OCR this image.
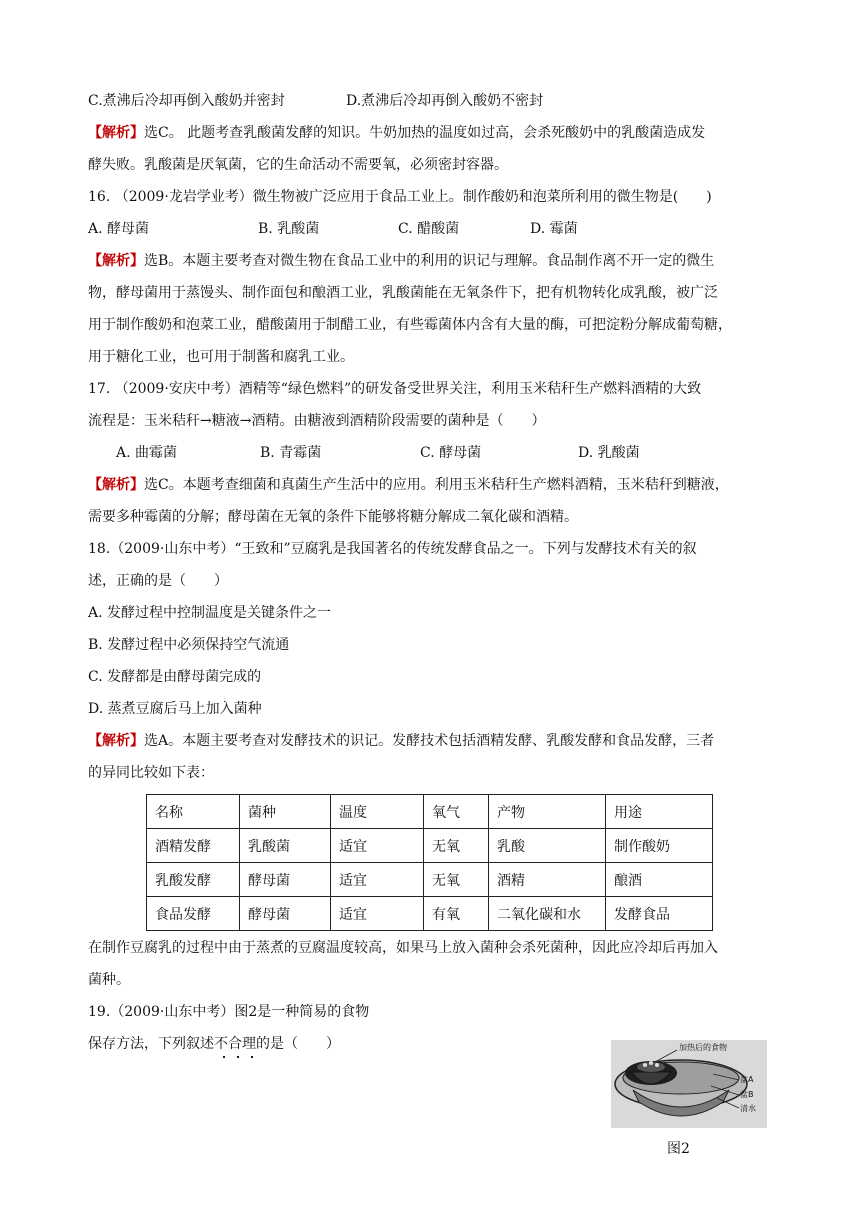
C.煮沸后冷却再倒入酸奶并密封	D.煮沸后冷却再倒入酸奶不密封
【解析】选C。 此题考查乳酸菌发酵的知识。牛奶加热的温度如过高，会杀死酸奶中的乳酸菌造成发
酵失败。乳酸菌是厌氧菌，它的生命活动不需要氧，必须密封容器。
16. （2009·龙岩学业考）微生物被广泛应用于食品工业上。制作酸奶和泡菜所利用的微生物是(　　)
A. 酵母菌	B. 乳酸菌	C. 醋酸菌	D. 霉菌
【解析】选B。本题主要考查对微生物在食品工业中的利用的识记与理解。食品制作离不开一定的微生
物，酵母菌用于蒸馒头、制作面包和酿酒工业，乳酸菌能在无氧条件下，把有机物转化成乳酸，被广泛
用于制作酸奶和泡菜工业，醋酸菌用于制醋工业，有些霉菌体内含有大量的酶，可把淀粉分解成葡萄糖，
用于糖化工业，也可用于制酱和腐乳工业。
17. （2009·安庆中考）酒精等“绿色燃料”的研发备受世界关注，利用玉米秸秆生产燃料酒精的大致
流程是：玉米秸秆→糖液→酒精。由糖液到酒精阶段需要的菌种是（　　）
A. 曲霉菌	B. 青霉菌	C. 酵母菌	D. 乳酸菌
【解析】选C。本题考查细菌和真菌生产生活中的应用。利用玉米秸秆生产燃料酒精，玉米秸秆到糖液，
需要多种霉菌的分解；酵母菌在无氧的条件下能够将糖分解成二氧化碳和酒精。
18.（2009·山东中考）“王致和”豆腐乳是我国著名的传统发酵食品之一。下列与发酵技术有关的叙
述，正确的是（　　）
A. 发酵过程中控制温度是关键条件之一
B. 发酵过程中必须保持空气流通
C. 发酵都是由酵母菌完成的
D. 蒸煮豆腐后马上加入菌种
【解析】选A。本题主要考查对发酵技术的识记。发酵技术包括酒精发酵、乳酸发酵和食品发酵，三者
的异同比较如下表：
名称	菌种	温度	氧气	产物	用途
酒精发酵	乳酸菌	适宜	无氧	乳酸	制作酸奶
乳酸发酵	酵母菌	适宜	无氧	酒精	酿酒
食品发酵	酵母菌	适宜	有氧	二氧化碳和水	发酵食品
在制作豆腐乳的过程中由于蒸煮的豆腐温度较高，如果马上放入菌种会杀死菌种，因此应冷却后再加入
菌种。
19.（2009·山东中考）图2是一种简易的食物
保存方法，下列叙述不合理的是（　　）	加热后的食物
盆A
盆B
清水
图2
